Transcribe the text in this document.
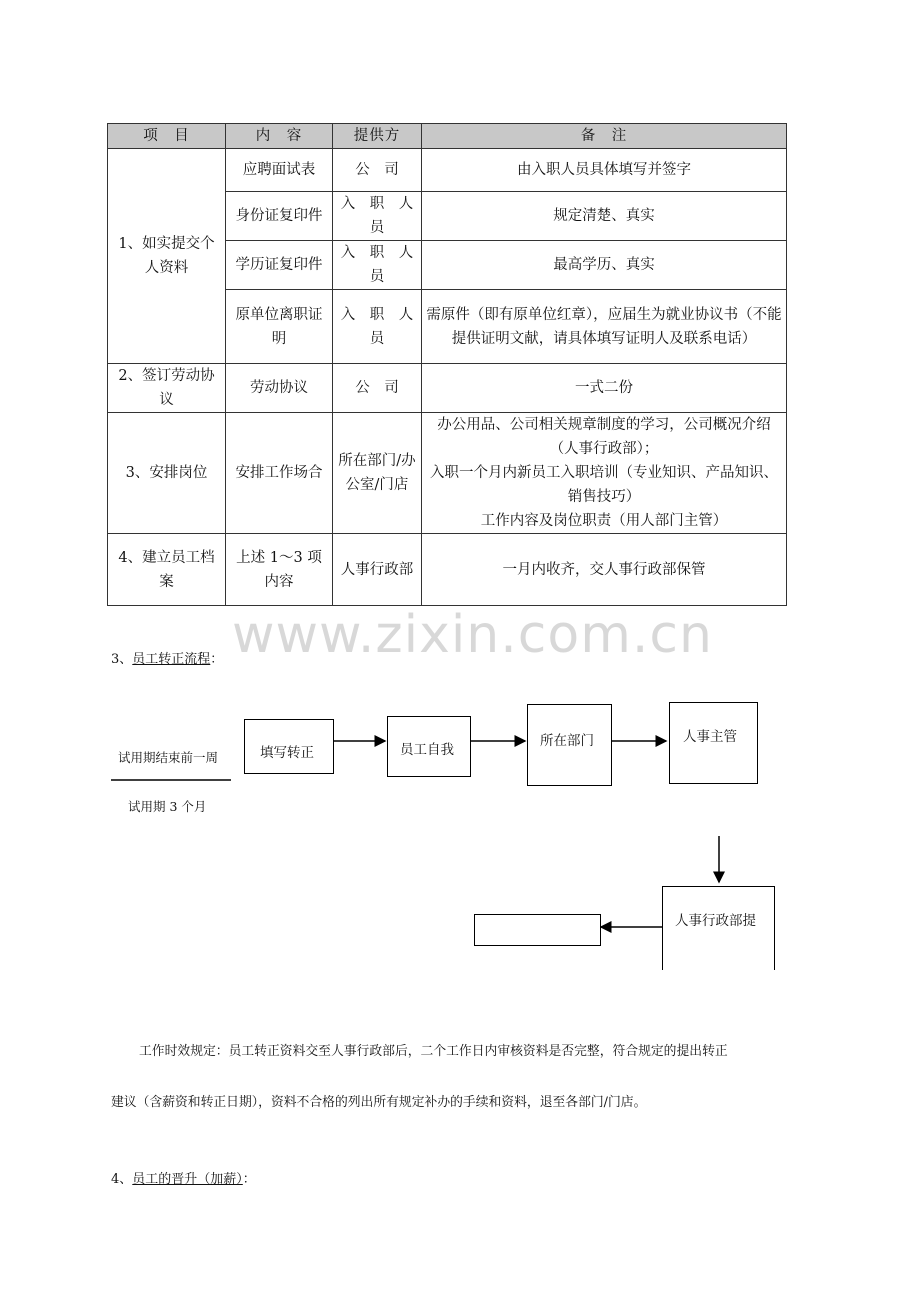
项　目	内　容	提供方	备　注
1、如实提交个人资料	应聘面试表	公　司	由入职人员具体填写并签字
	身份证复印件	入　职　人　员	规定清楚、真实
	学历证复印件	入　职　人　员	最高学历、真实
	原单位离职证明	入　职　人　员	需原件（即有原单位红章），应届生为就业协议书（不能提供证明文献，请具体填写证明人及联系电话）
2、签订劳动协议	劳动协议	公　司	一式二份
3、安排岗位	安排工作场合	所在部门/办公室/门店	办公用品、公司相关规章制度的学习，公司概况介绍（人事行政部）；
入职一个月内新员工入职培训（专业知识、产品知识、销售技巧）
工作内容及岗位职责（用人部门主管）

4、建立员工档案	上述 1～3 项内容	人事行政部	一月内收齐，交人事行政部保管
www.zixin.com.cn
3、员工转正流程：
试用期结束前一周
试用期 3 个月
填写转正	员工自我
所在部门	人事主管
人事行政部提
工作时效规定：员工转正资料交至人事行政部后，二个工作日内审核资料是否完整，符合规定的提出转正
建议（含薪资和转正日期），资料不合格的列出所有规定补办的手续和资料，退至各部门/门店。
4、员工的晋升（加薪）：
